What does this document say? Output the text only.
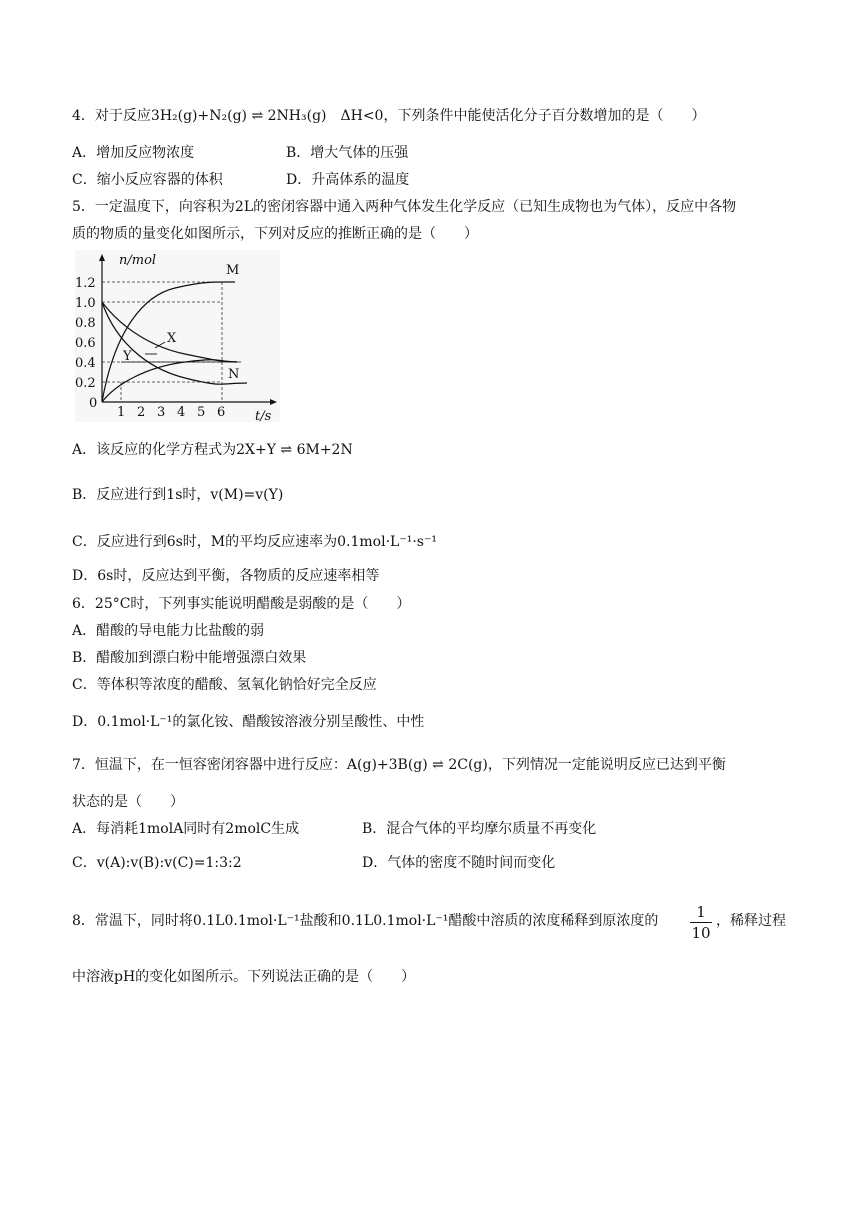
4．对于反应3H₂(g)+N₂(g) ⇌ 2NH₃(g)　ΔH<0，下列条件中能使活化分子百分数增加的是（　　）
A．增加反应物浓度	B．增大气体的压强
C．缩小反应容器的体积	D．升高体系的温度
5．一定温度下，向容积为2L的密闭容器中通入两种气体发生化学反应（已知生成物也为气体），反应中各物
质的物质的量变化如图所示，下列对反应的推断正确的是（　　）
n/mol
t/s
1.2
1.0
0.8
0.6
0.4
0.2
0
1 2 3 4 5 6
M
X
Y
N
A．该反应的化学方程式为2X+Y ⇌ 6M+2N
B．反应进行到1s时，v(M)=v(Y)
C．反应进行到6s时，M的平均反应速率为0.1mol·L⁻¹·s⁻¹
D．6s时，反应达到平衡，各物质的反应速率相等
6．25°C时，下列事实能说明醋酸是弱酸的是（　　）
A．醋酸的导电能力比盐酸的弱
B．醋酸加到漂白粉中能增强漂白效果
C．等体积等浓度的醋酸、氢氧化钠恰好完全反应
D．0.1mol·L⁻¹的氯化铵、醋酸铵溶液分别呈酸性、中性
7．恒温下，在一恒容密闭容器中进行反应：A(g)+3B(g) ⇌ 2C(g)，下列情况一定能说明反应已达到平衡
状态的是（　　）
A．每消耗1molA同时有2molC生成	B．混合气体的平均摩尔质量不再变化
C．v(A):v(B):v(C)=1:3:2	D．气体的密度不随时间而变化
8．常温下，同时将0.1L0.1mol·L⁻¹盐酸和0.1L0.1mol·L⁻¹醋酸中溶质的浓度稀释到原浓度的	1
10
，稀释过程
中溶液pH的变化如图所示。下列说法正确的是（　　）
